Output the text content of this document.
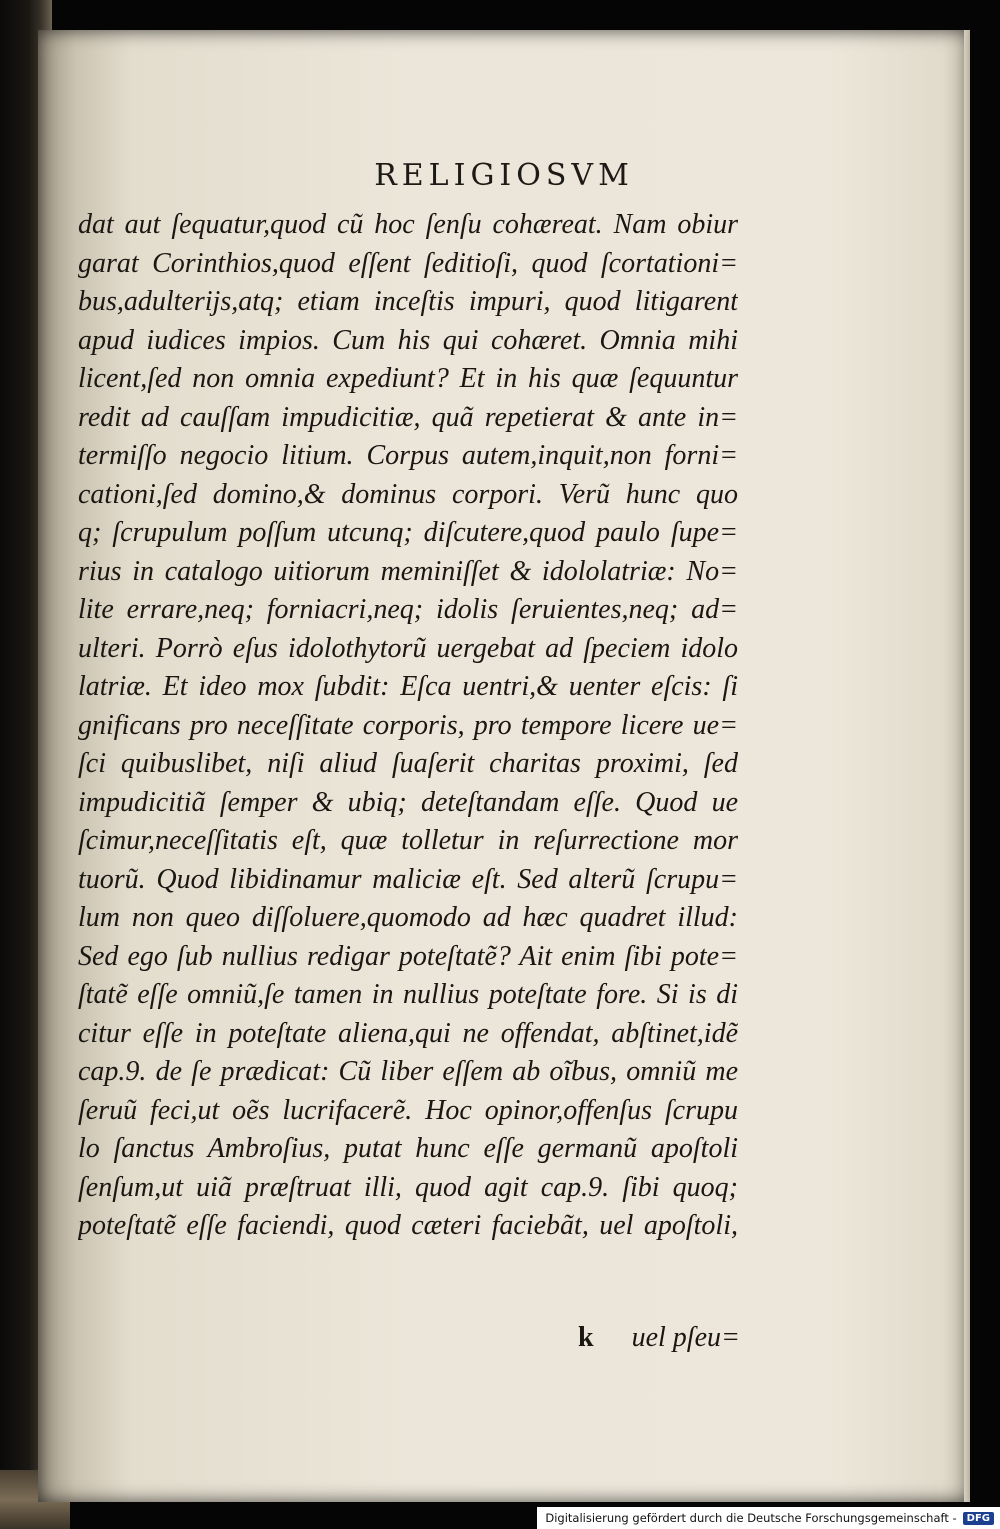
RELIGIOSVM
dat aut ſequatur,quod cũ hoc ſenſu cohæreat. Nam obiur
garat Corinthios,quod eſſent ſeditioſi, quod ſcortationi=
bus,adulterijs,atq; etiam inceſtis impuri, quod litigarent
apud iudices impios. Cum his qui cohæret. Omnia mihi
licent,ſed non omnia expediunt? Et in his quæ ſequuntur
redit ad cauſſam impudicitiæ, quã repetierat & ante in=
termiſſo negocio litium. Corpus autem,inquit,non forni=
cationi,ſed domino,& dominus corpori. Verũ hunc quo
q; ſcrupulum poſſum utcunq; diſcutere,quod paulo ſupe=
rius in catalogo uitiorum meminiſſet & idololatriæ: No=
lite errare,neq; forniacri,neq; idolis ſeruientes,neq; ad=
ulteri. Porrò eſus idolothytorũ uergebat ad ſpeciem idolo
latriæ. Et ideo mox ſubdit: Eſca uentri,& uenter eſcis: ſi
gnificans pro neceſſitate corporis, pro tempore licere ue=
ſci quibuslibet, niſi aliud ſuaſerit charitas proximi, ſed
impudicitiã ſemper & ubiq; deteſtandam eſſe. Quod ue
ſcimur,neceſſitatis eſt, quæ tolletur in reſurrectione mor
tuorũ. Quod libidinamur maliciæ eſt. Sed alterũ ſcrupu=
lum non queo diſſoluere,quomodo ad hæc quadret illud:
Sed ego ſub nullius redigar poteſtatẽ? Ait enim ſibi pote=
ſtatẽ eſſe omniũ,ſe tamen in nullius poteſtate fore. Si is di
citur eſſe in poteſtate aliena,qui ne offendat, abſtinet,idẽ
cap.9. de ſe prædicat: Cũ liber eſſem ab oĩbus, omniũ me
ſeruũ feci,ut oẽs lucrifacerẽ. Hoc opinor,offenſus ſcrupu
lo ſanctus Ambroſius, putat hunc eſſe germanũ apoſtoli
ſenſum,ut uiã præſtruat illi, quod agit cap.9. ſibi quoq;
poteſtatẽ eſſe faciendi, quod cæteri faciebãt, uel apoſtoli,
k uel pſeu=
Digitalisierung gefördert durch die Deutsche Forschungsgemeinschaft -	DFG
